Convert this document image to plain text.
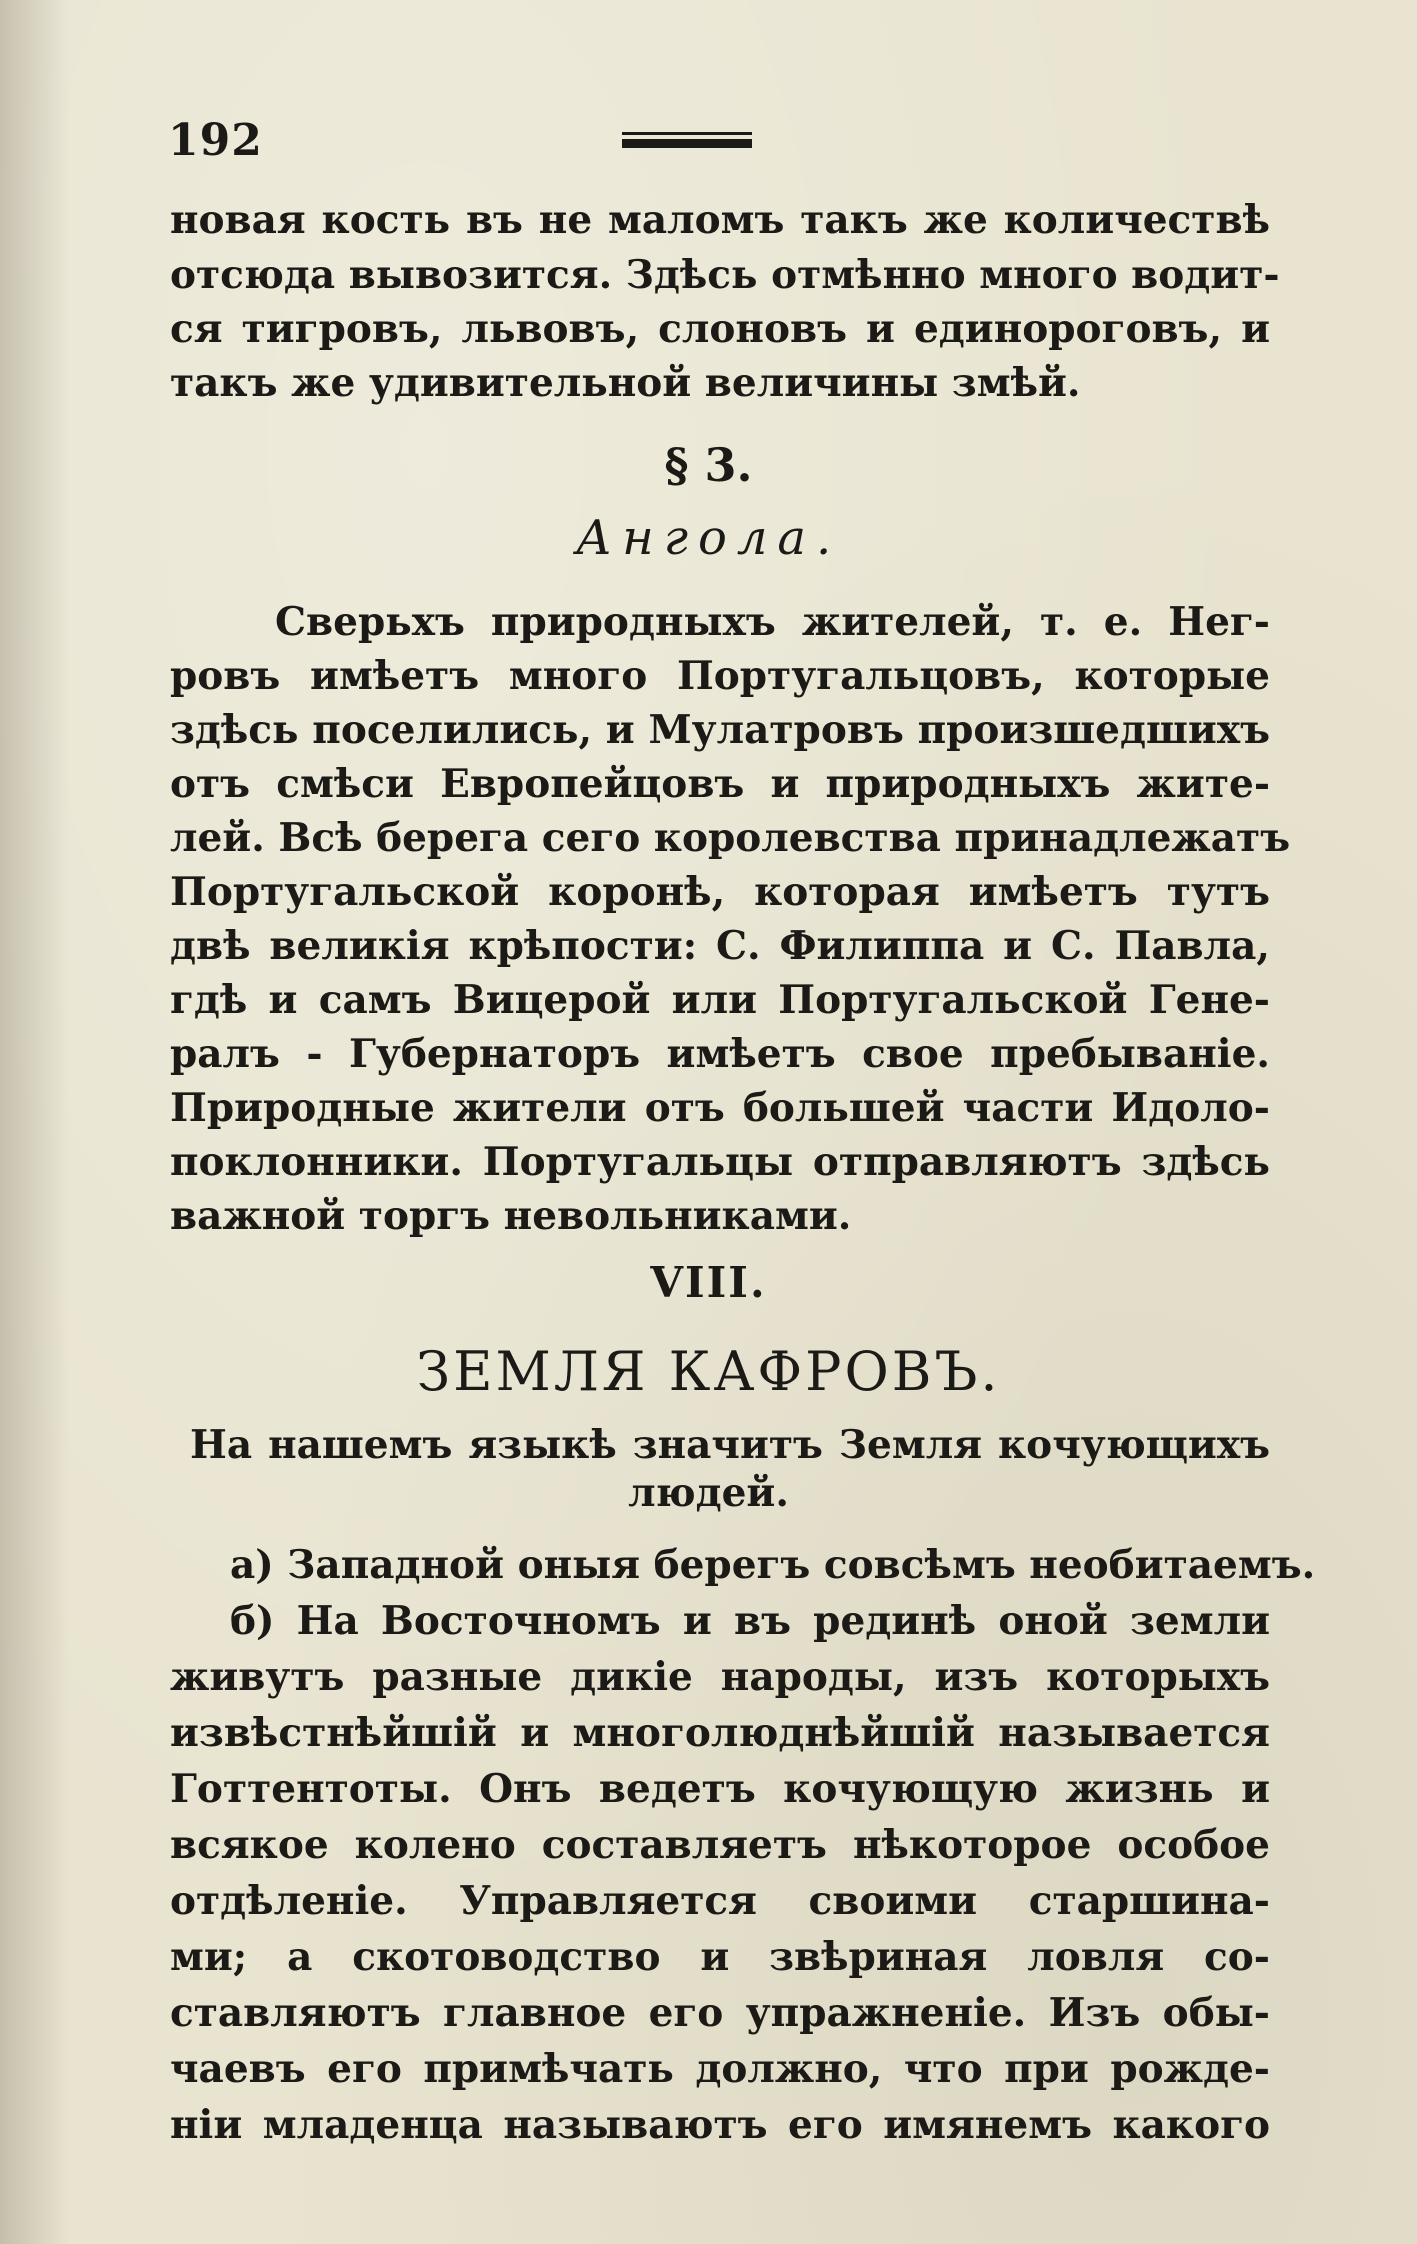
192
новая кость въ не маломъ такъ же количествѣ
отсюда вывозится. Здѣсь отмѣнно много водит-
ся тигровъ, львовъ, слоновъ и единороговъ, и
такъ же удивительной величины змѣй.
§ 3.
Ангола.
Сверьхъ природныхъ жителей, т. е. Нег-
ровъ имѣетъ много Португальцовъ, которые
здѣсь поселились, и Мулатровъ произшедшихъ
отъ смѣси Европейцовъ и природныхъ жите-
лей. Всѣ берега сего королевства принадлежатъ
Португальской коронѣ, которая имѣетъ тутъ
двѣ великія крѣпости: С. Филиппа и С. Павла,
гдѣ и самъ Вицерой или Португальской Гене-
ралъ - Губернаторъ имѣетъ свое пребываніе.
Природные жители отъ большей части Идоло-
поклонники. Португальцы отправляютъ здѣсь
важной торгъ невольниками.
VIII.
ЗЕМЛЯ КАФРОВЪ.
На нашемъ языкѣ значитъ Земля кочующихъ
людей.
а) Западной оныя берегъ совсѣмъ необитаемъ.
б) На Восточномъ и въ рединѣ оной земли
живутъ разные дикіе народы, изъ которыхъ
извѣстнѣйшій и многолюднѣйшій называется
Готтентоты. Онъ ведетъ кочующую жизнь и
всякое колено составляетъ нѣкоторое особое
отдѣленіе. Управляется своими старшина-
ми; а скотоводство и звѣриная ловля со-
ставляютъ главное его упражненіе. Изъ обы-
чаевъ его примѣчать должно, что при рожде-
ніи младенца называютъ его имянемъ какого
